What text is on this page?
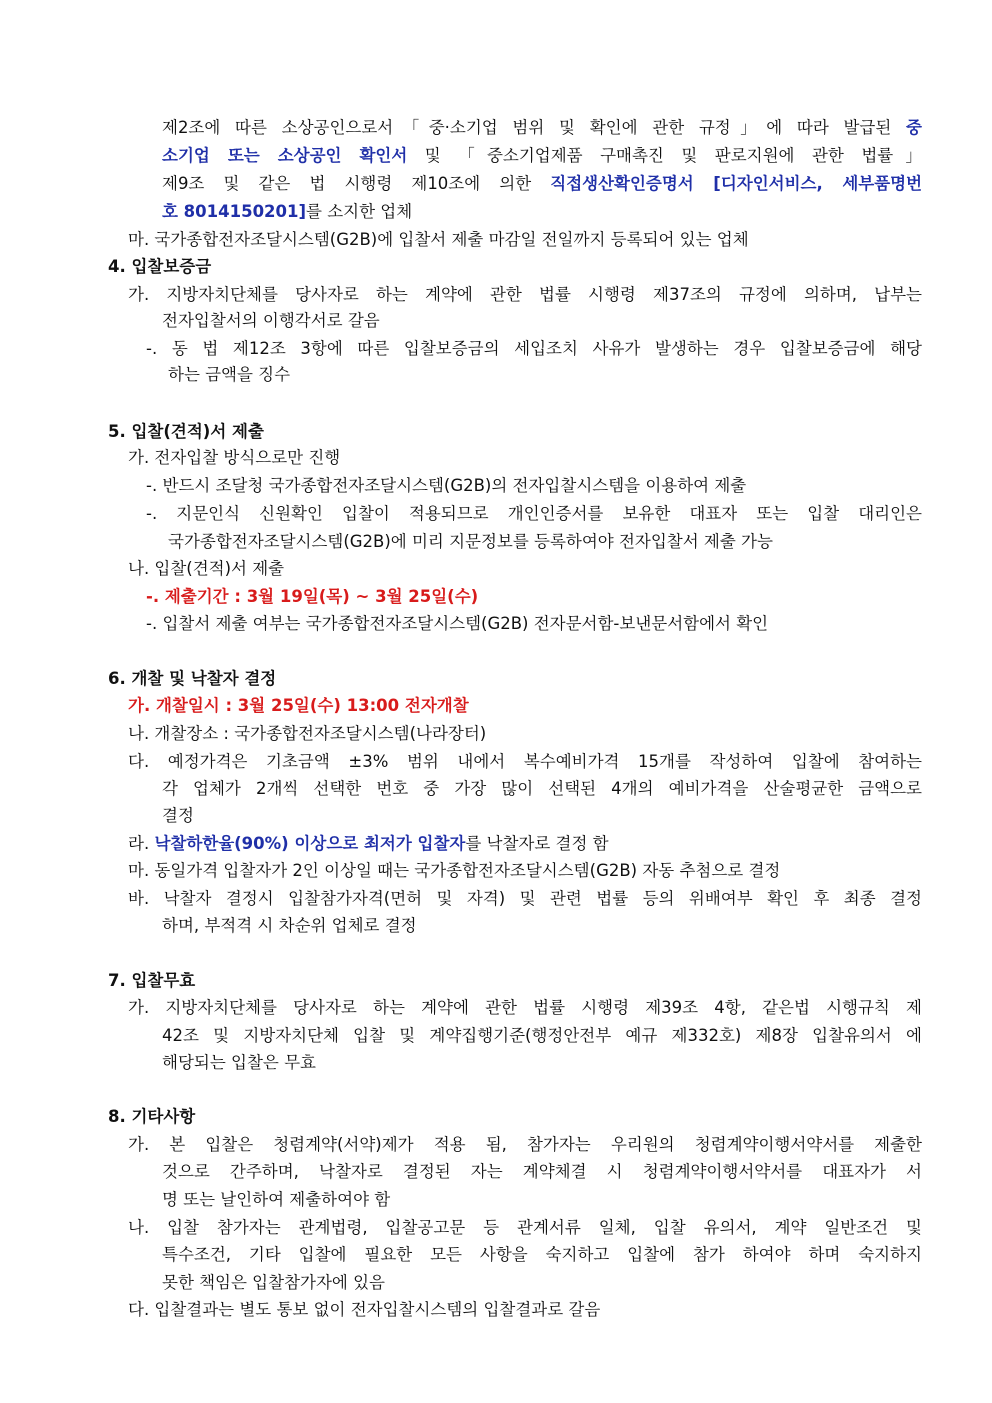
제2조에 따른 소상공인으로서「중·소기업 범위 및 확인에 관한 규정」에 따라 발급된 중
소기업 또는 소상공인 확인서 및 「중소기업제품 구매촉진 및 판로지원에 관한 법률」
제9조 및 같은 법 시행령 제10조에 의한 직접생산확인증명서 [디자인서비스, 세부품명번
호 8014150201]를 소지한 업체
마. 국가종합전자조달시스템(G2B)에 입찰서 제출 마감일 전일까지 등록되어 있는 업체
4. 입찰보증금
가. 지방자치단체를 당사자로 하는 계약에 관한 법률 시행령 제37조의 규정에 의하며, 납부는
전자입찰서의 이행각서로 갈음
-. 동 법 제12조 3항에 따른 입찰보증금의 세입조치 사유가 발생하는 경우 입찰보증금에 해당
하는 금액을 징수
5. 입찰(견적)서 제출
가. 전자입찰 방식으로만 진행
-. 반드시 조달청 국가종합전자조달시스템(G2B)의 전자입찰시스템을 이용하여 제출
-. 지문인식 신원확인 입찰이 적용되므로 개인인증서를 보유한 대표자 또는 입찰 대리인은
국가종합전자조달시스템(G2B)에 미리 지문정보를 등록하여야 전자입찰서 제출 가능
나. 입찰(견적)서 제출
-. 제출기간 : 3월 19일(목) ~ 3월 25일(수)
-. 입찰서 제출 여부는 국가종합전자조달시스템(G2B) 전자문서함-보낸문서함에서 확인
6. 개찰 및 낙찰자 결정
가. 개찰일시 : 3월 25일(수) 13:00 전자개찰
나. 개찰장소 : 국가종합전자조달시스템(나라장터)
다. 예정가격은 기초금액 ±3% 범위 내에서 복수예비가격 15개를 작성하여 입찰에 참여하는
각 업체가 2개씩 선택한 번호 중 가장 많이 선택된 4개의 예비가격을 산술평균한 금액으로
결정
라. 낙찰하한율(90%) 이상으로 최저가 입찰자를 낙찰자로 결정 함
마. 동일가격 입찰자가 2인 이상일 때는 국가종합전자조달시스템(G2B) 자동 추첨으로 결정
바. 낙찰자 결정시 입찰참가자격(면허 및 자격) 및 관련 법률 등의 위배여부 확인 후 최종 결정
하며, 부적격 시 차순위 업체로 결정
7. 입찰무효
가. 지방자치단체를 당사자로 하는 계약에 관한 법률 시행령 제39조 4항, 같은법 시행규칙 제
42조 및 지방자치단체 입찰 및 계약집행기준(행정안전부 예규 제332호) 제8장 입찰유의서 에
해당되는 입찰은 무효
8. 기타사항
가. 본 입찰은 청렴계약(서약)제가 적용 됨, 참가자는 우리원의 청렴계약이행서약서를 제출한
것으로 간주하며, 낙찰자로 결정된 자는 계약체결 시 청렴계약이행서약서를 대표자가 서
명 또는 날인하여 제출하여야 함
나. 입찰 참가자는 관계법령, 입찰공고문 등 관계서류 일체, 입찰 유의서, 계약 일반조건 및
특수조건, 기타 입찰에 필요한 모든 사항을 숙지하고 입찰에 참가 하여야 하며 숙지하지
못한 책임은 입찰참가자에 있음
다. 입찰결과는 별도 통보 없이 전자입찰시스템의 입찰결과로 갈음
